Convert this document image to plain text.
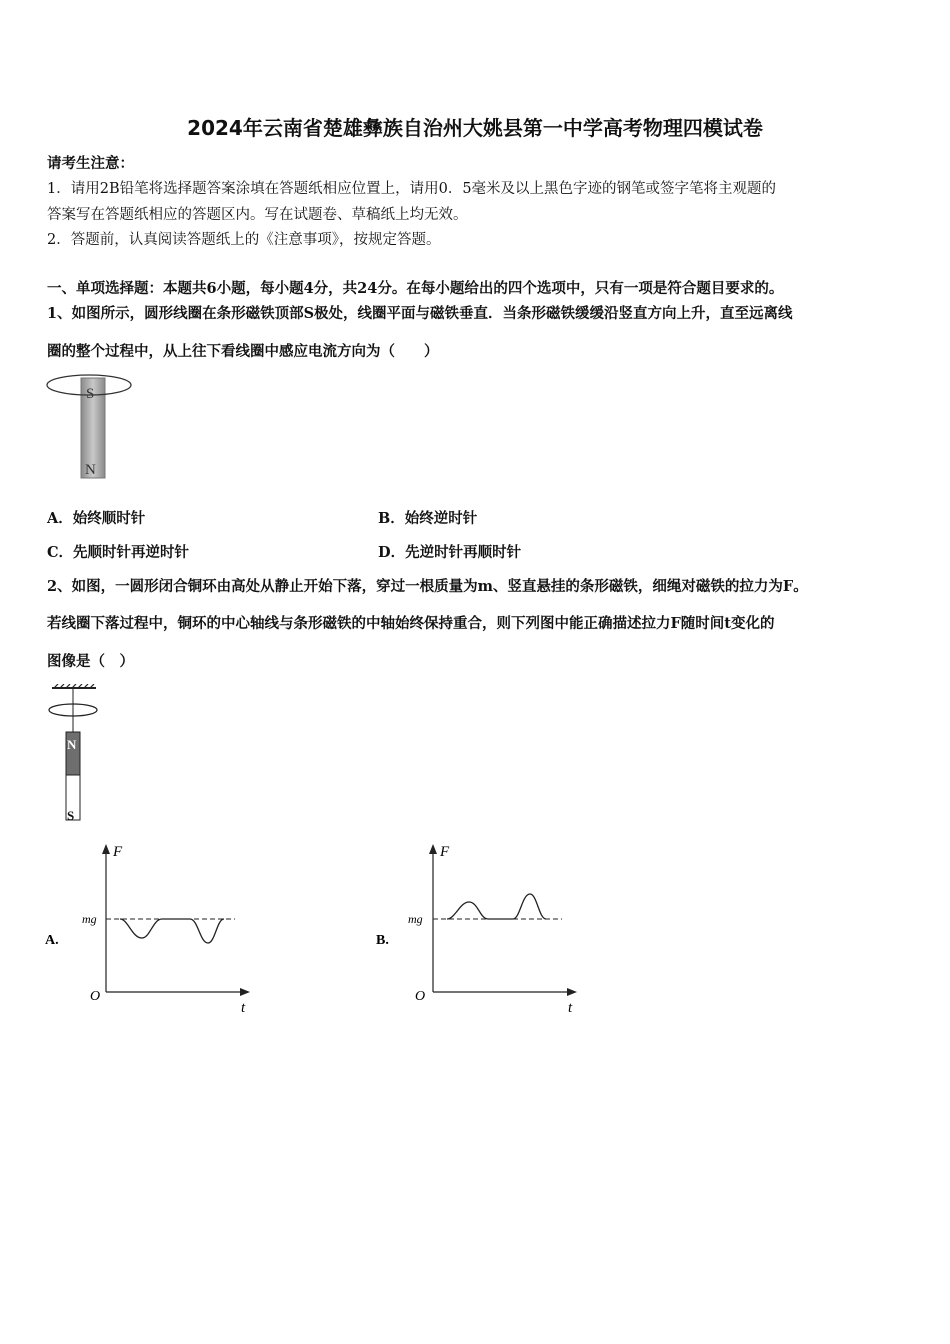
2024年云南省楚雄彝族自治州大姚县第一中学高考物理四模试卷
请考生注意：
1．请用2B铅笔将选择题答案涂填在答题纸相应位置上，请用0．5毫米及以上黑色字迹的钢笔或签字笔将主观题的
答案写在答题纸相应的答题区内。写在试题卷、草稿纸上均无效。
2．答题前，认真阅读答题纸上的《注意事项》，按规定答题。
一、单项选择题：本题共6小题，每小题4分，共24分。在每小题给出的四个选项中，只有一项是符合题目要求的。
1、如图所示，圆形线圈在条形磁铁顶部S极处，线圈平面与磁铁垂直．当条形磁铁缓缓沿竖直方向上升，直至远离线
圈的整个过程中，从上往下看线圈中感应电流方向为（　　）
S
N
A．始终顺时针	B．始终逆时针
C．先顺时针再逆时针	D．先逆时针再顺时针
2、如图，一圆形闭合铜环由高处从静止开始下落，穿过一根质量为m、竖直悬挂的条形磁铁，细绳对磁铁的拉力为F。
若线圈下落过程中，铜环的中心轴线与条形磁铁的中轴始终保持重合，则下列图中能正确描述拉力F随时间t变化的
图像是（　）
N
S
A.
F
t
O
mg
B.
F
t
O
mg
